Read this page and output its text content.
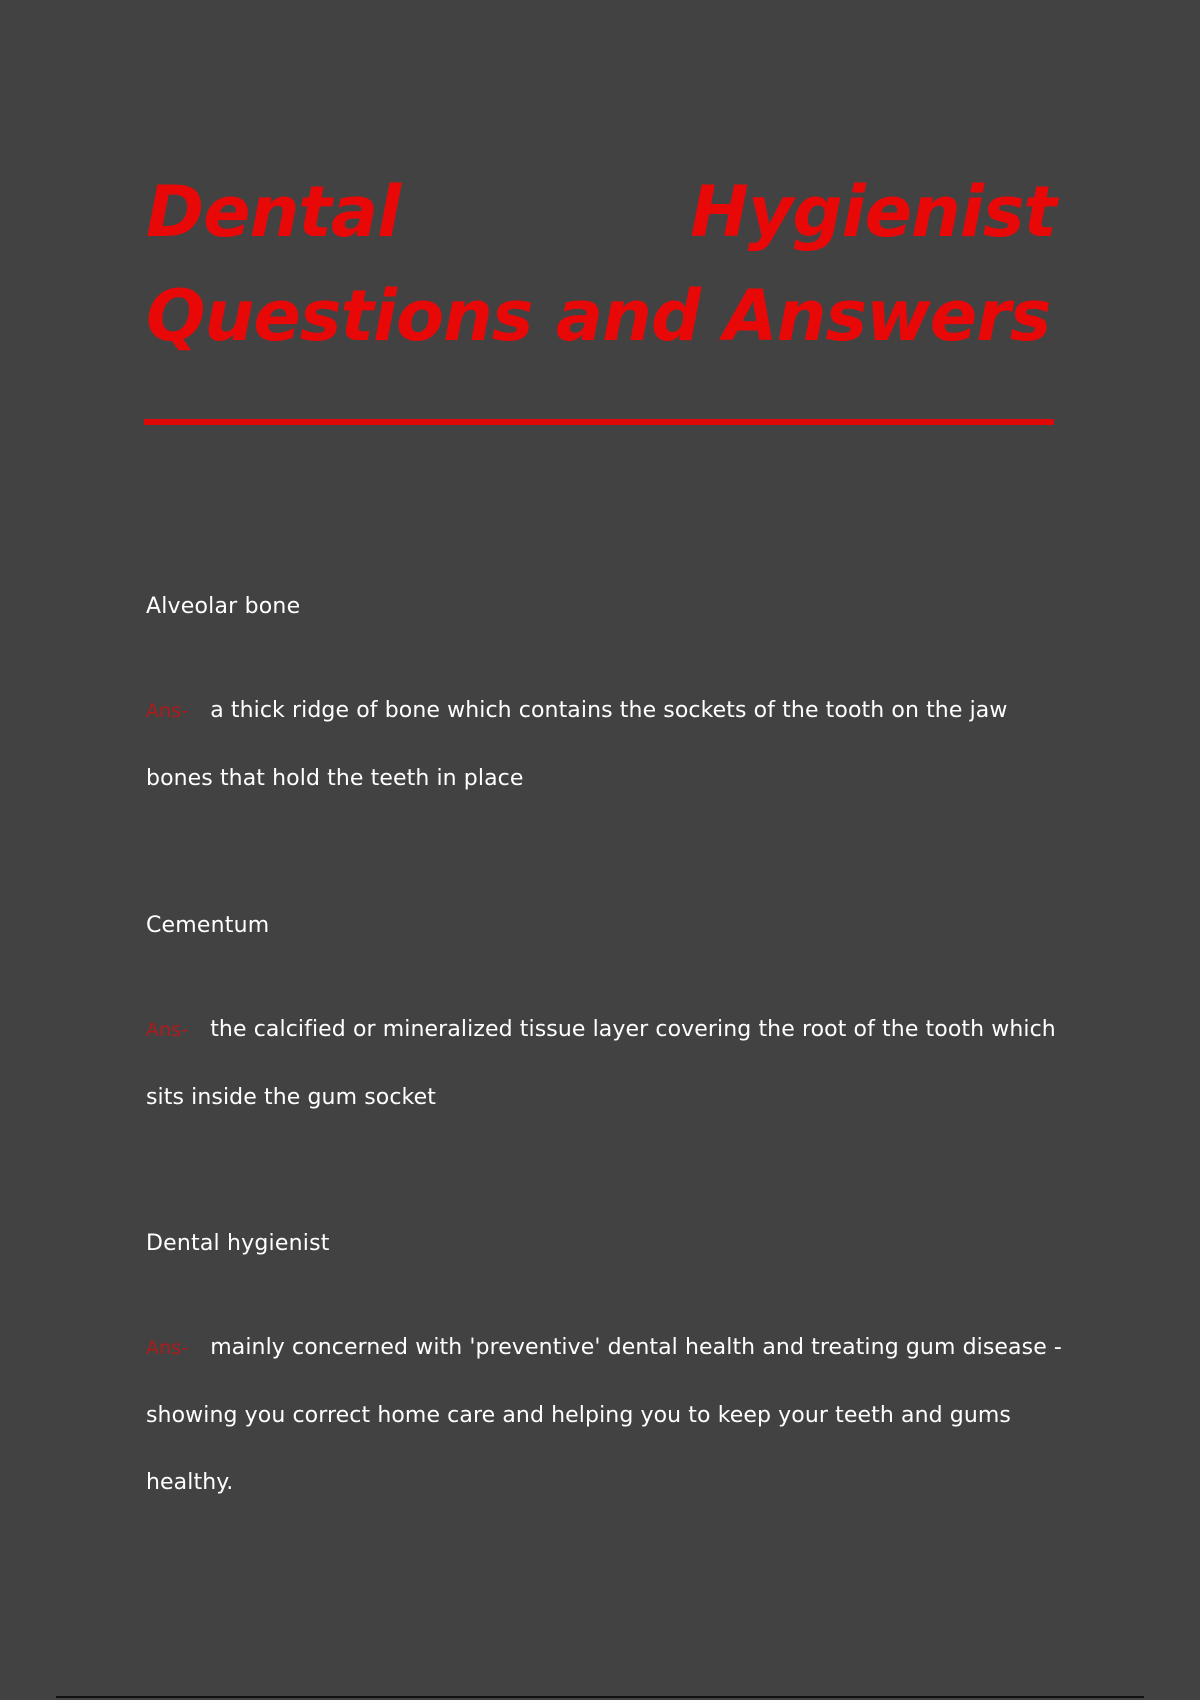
Dental	Hygienist
Questions and Answers
Alveolar bone
Ans- a thick ridge of bone which contains the sockets of the tooth on the jaw bones that hold the teeth in place
Cementum
Ans- the calcified or mineralized tissue layer covering the root of the tooth which sits inside the gum socket
Dental hygienist
Ans- mainly concerned with 'preventive' dental health and treating gum disease - showing you correct home care and helping you to keep your teeth and gums healthy.
